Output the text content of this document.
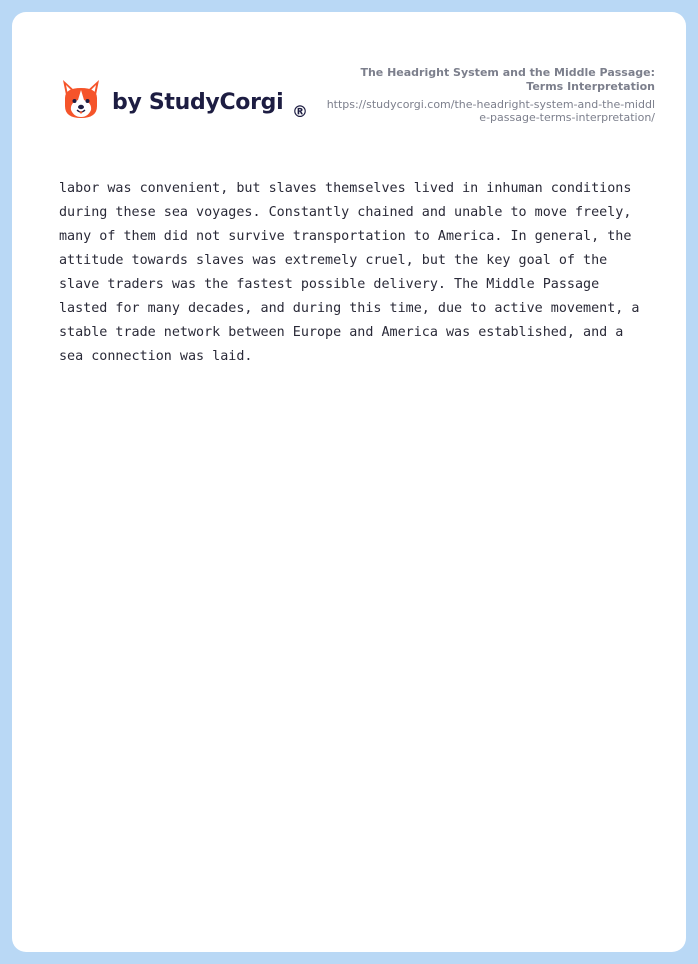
by StudyCorgi ®
The Headright System and the Middle Passage: Terms Interpretation
https://studycorgi.com/the-headright-system-and-the-middle-passage-terms-interpretation/

labor was convenient, but slaves themselves lived in inhuman conditions during these sea voyages. Constantly chained and unable to move freely, many of them did not survive transportation to America. In general, the attitude towards slaves was extremely cruel, but the key goal of the slave traders was the fastest possible delivery. The Middle Passage lasted for many decades, and during this time, due to active movement, a stable trade network between Europe and America was established, and a sea connection was laid.
